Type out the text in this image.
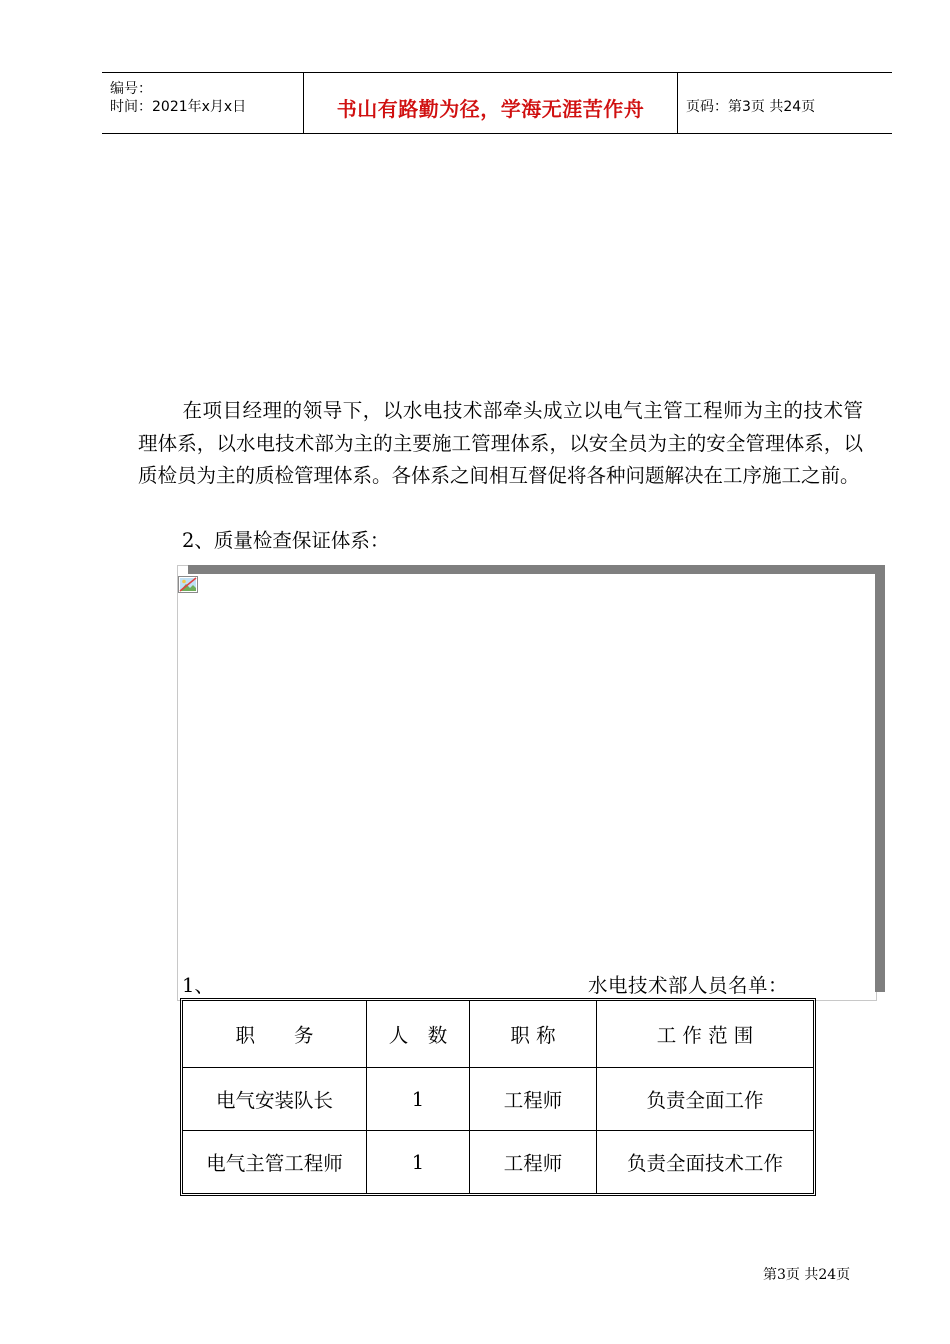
编号：
时间：2021年x月x日	书山有路勤为径，学海无涯苦作舟	页码：第3页 共24页
在项目经理的领导下，以水电技术部牵头成立以电气主管工程师为主的技术管理体系，以水电技术部为主的主要施工管理体系，以安全员为主的安全管理体系，以质检员为主的质检管理体系。各体系之间相互督促将各种问题解决在工序施工之前。
2、质量检查保证体系：
1、	水电技术部人员名单：
职　　务	人　数	职 称	工 作 范 围
电气安装队长	1	工程师	负责全面工作
电气主管工程师	1	工程师	负责全面技术工作
第3页 共24页
